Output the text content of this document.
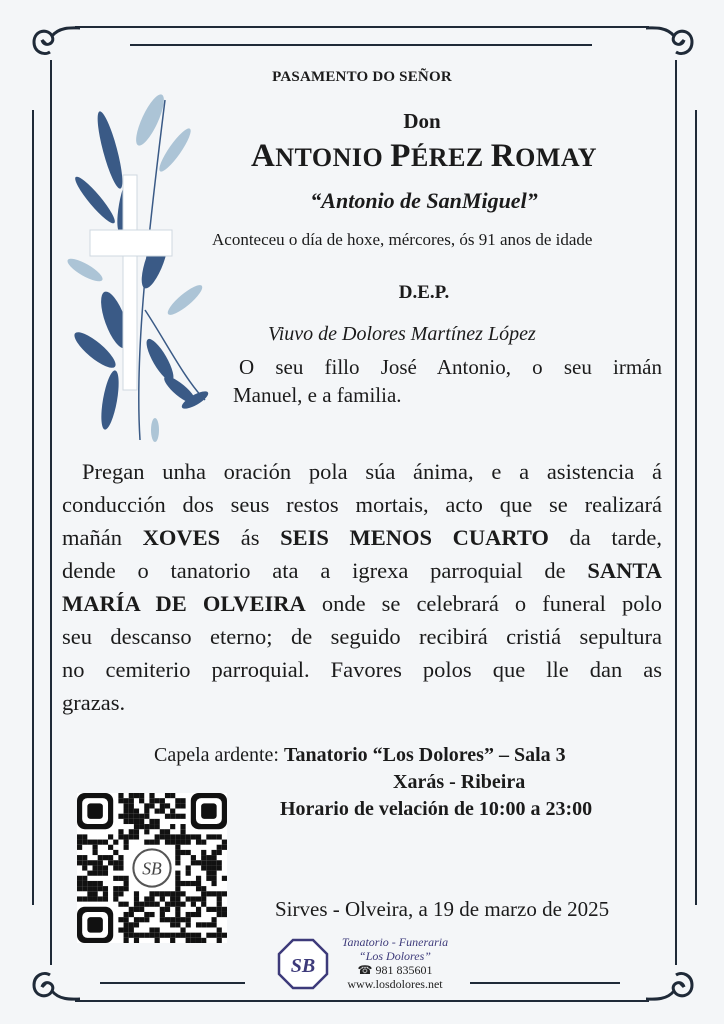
PASAMENTO DO SEÑOR
Don
ANTONIO PÉREZ ROMAY
“Antonio de SanMiguel”
Aconteceu o día de hoxe, mércores, ós 91 anos de idade
D.E.P.
Viuvo de Dolores Martínez López
O seu fillo José Antonio, o seu irmán
Manuel, e a familia.
Pregan unha oración pola súa ánima, e a asistencia á
conducción dos seus restos mortais, acto que se realizará
mañán XOVES ás SEIS MENOS CUARTO da tarde,
dende o tanatorio ata a igrexa parroquial de SANTA
MARÍA DE OLVEIRA onde se celebrará o funeral polo
seu descanso eterno; de seguido recibirá cristiá sepultura
no cemiterio parroquial. Favores polos que lle dan as
grazas.
Capela ardente: Tanatorio “Los Dolores” – Sala 3
Xarás - Ribeira
Horario de velación de 10:00 a 23:00
SB
Sirves - Olveira, a 19 de marzo de 2025
SB
Tanatorio - Funeraria
“Los Dolores”
☎ 981 835601
www.losdolores.net
